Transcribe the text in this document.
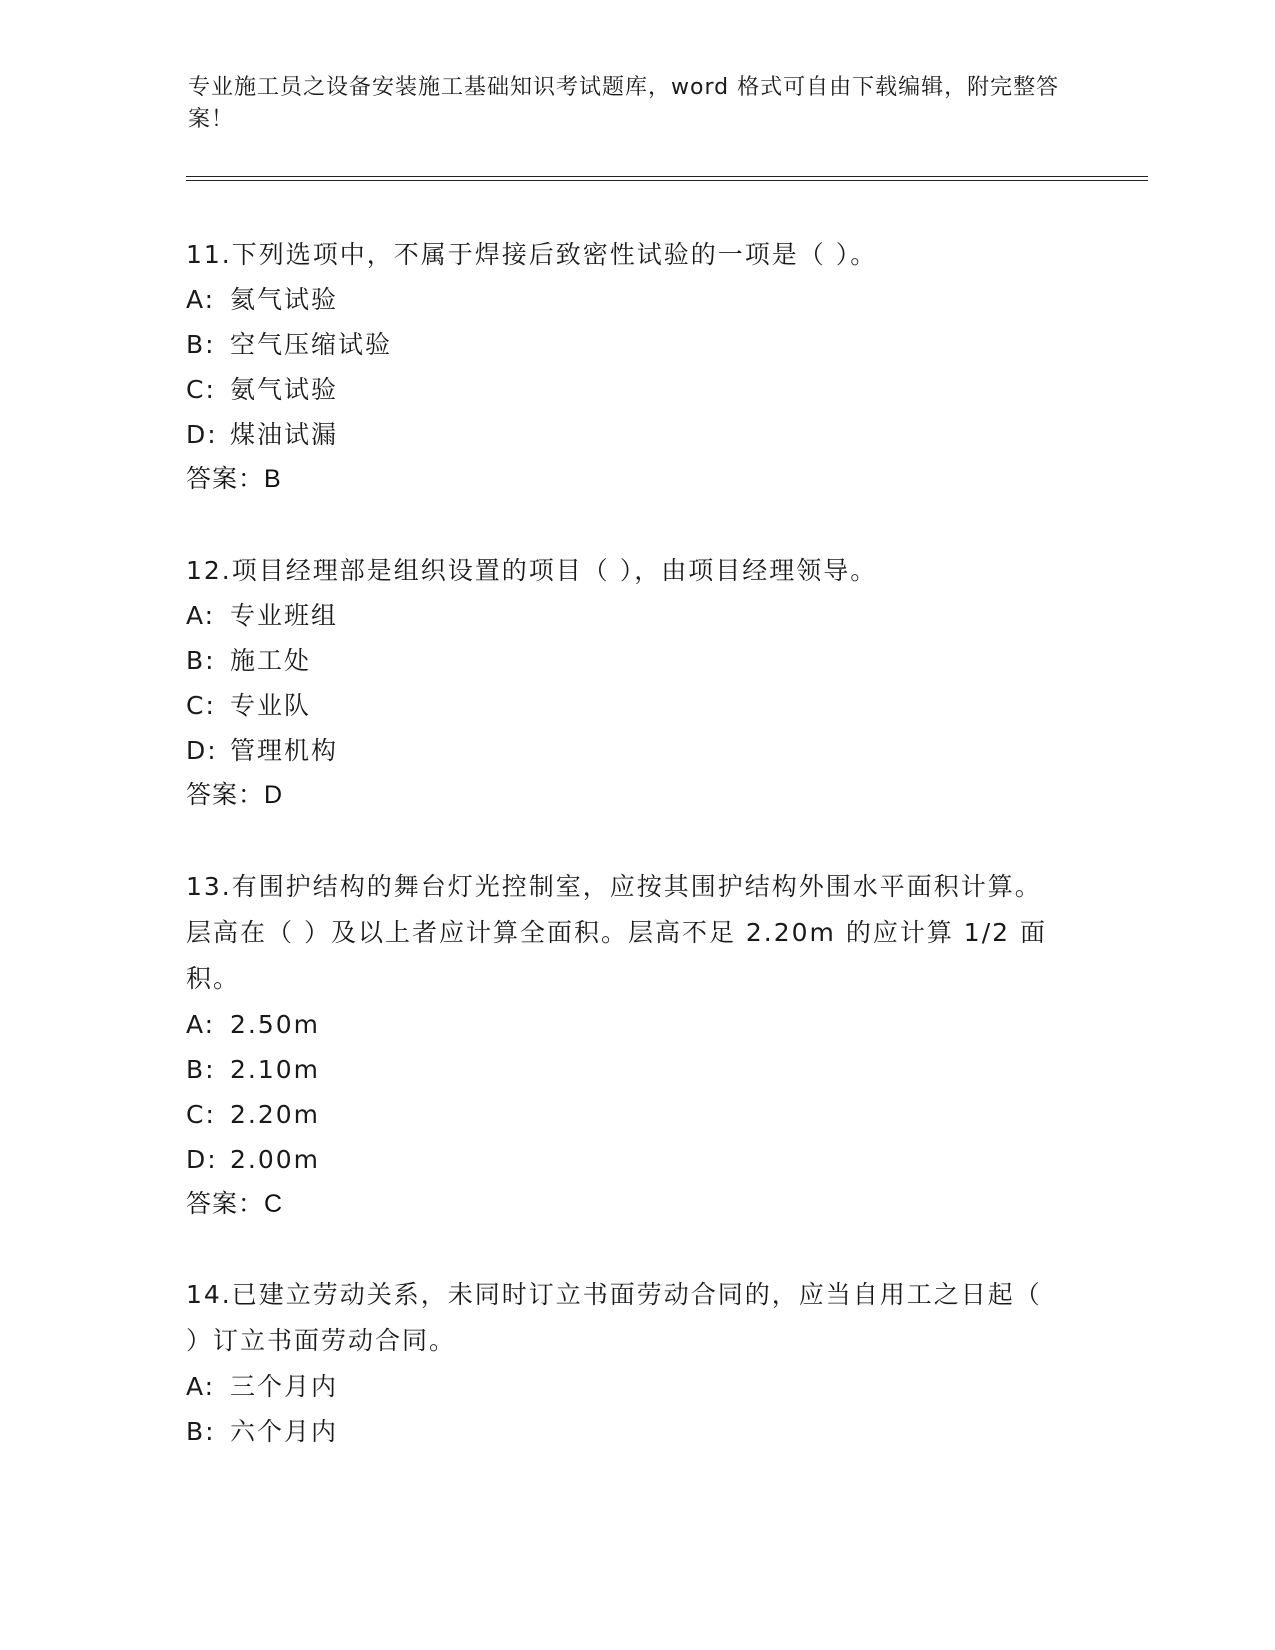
专业施工员之设备安装施工基础知识考试题库，word 格式可自由下载编辑，附完整答案！
11.下列选项中，不属于焊接后致密性试验的一项是（ ）。
A: 氦气试验
B: 空气压缩试验
C: 氨气试验
D: 煤油试漏
答案：B
12.项目经理部是组织设置的项目（ ），由项目经理领导。
A: 专业班组
B: 施工处
C: 专业队
D: 管理机构
答案：D
13.有围护结构的舞台灯光控制室，应按其围护结构外围水平面积计算。层高在（ ）及以上者应计算全面积。层高不足 2.20m 的应计算 1/2 面积。
A: 2.50m
B: 2.10m
C: 2.20m
D: 2.00m
答案：C
14.已建立劳动关系，未同时订立书面劳动合同的，应当自用工之日起（ ）订立书面劳动合同。
A: 三个月内
B: 六个月内
